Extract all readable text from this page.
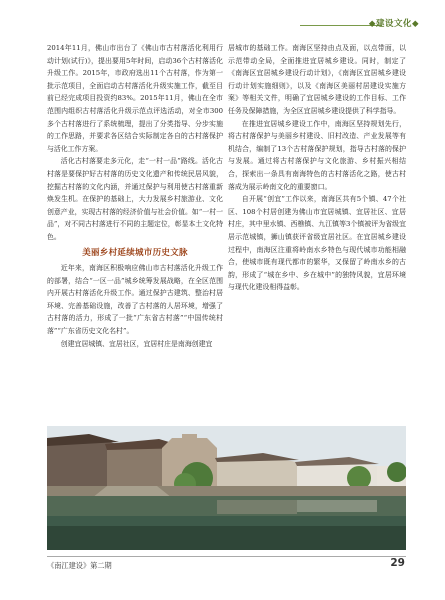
◆建设文化◆

2014年11月，佛山市出台了《佛山市古村落活化利用行动计划(试行)》，提出要用5年时间，启动36个古村落活化升级工作。2015年，市政府选出11个古村落，作为第一批示范项目，全面启动古村落活化升级实施工作，截至目前已经完成项目投资约83%。2015年11月，佛山在全市范围内组织古村落活化升级示范点评选活动，对全市300多个古村落进行了系统梳理，提出了分类指导、分步实施的工作思路，并要求各区结合实际制定各自的古村落保护与活化工作方案。

活化古村落要走多元化，走“一村一品”路线。活化古村落是要保护好古村落的历史文化遗产和传统民居风貌，挖掘古村落的文化内涵，并通过保护与利用使古村落重新焕发生机。在保护的基础上，大力发展乡村旅游业、文化创意产业，实现古村落的经济价值与社会价值。如“一村一品”，对不同古村落进行不同的主题定位，彰显本土文化特色。

美丽乡村延续城市历史文脉

近年来，南海区积极响应佛山市古村落活化升级工作的部署，结合“一区一品”城乡统筹发展战略，在全区范围内开展古村落活化升级工作。通过保护古建筑、整治村居环境、完善基础设施，改善了古村落的人居环境，增强了古村落的活力，形成了一批“广东省古村落”“中国传统村落”“广东省历史文化名村”。

创建宜居城镇、宜居社区，宜居村庄是南海创建宜

居城市的基础工作。南海区坚持由点及面，以点带面，以示范带动全局，全面推进宜居城乡建设。同时，制定了《南海区宜居城乡建设行动计划》，《南海区宜居城乡建设行动计划实施细则》，以及《南海区美丽村居建设实施方案》等相关文件，明确了宜居城乡建设的工作目标、工作任务及保障措施，为全区宜居城乡建设提供了科学指导。

在推进宜居城乡建设工作中，南海区坚持规划先行，将古村落保护与美丽乡村建设、旧村改造、产业发展等有机结合，编制了13个古村落保护规划，指导古村落的保护与发展。通过将古村落保护与文化旅游、乡村振兴相结合，探索出一条具有南海特色的古村落活化之路，使古村落成为展示岭南文化的重要窗口。

自开展“创宜”工作以来，南海区共有5个镇、47个社区、108个村居创建为佛山市宜居城镇、宜居社区、宜居村庄，其中里水镇、西樵镇、九江镇等3个镇被评为省级宜居示范城镇，狮山镇获评省级宜居社区。在宜居城乡建设过程中，南海区注重将岭南水乡特色与现代城市功能相融合，使城市既有现代都市的繁华，又保留了岭南水乡的古韵，形成了“城在乡中、乡在城中”的独特风貌，宜居环境与现代化建设相得益彰。

《南江建设》第二期	29
